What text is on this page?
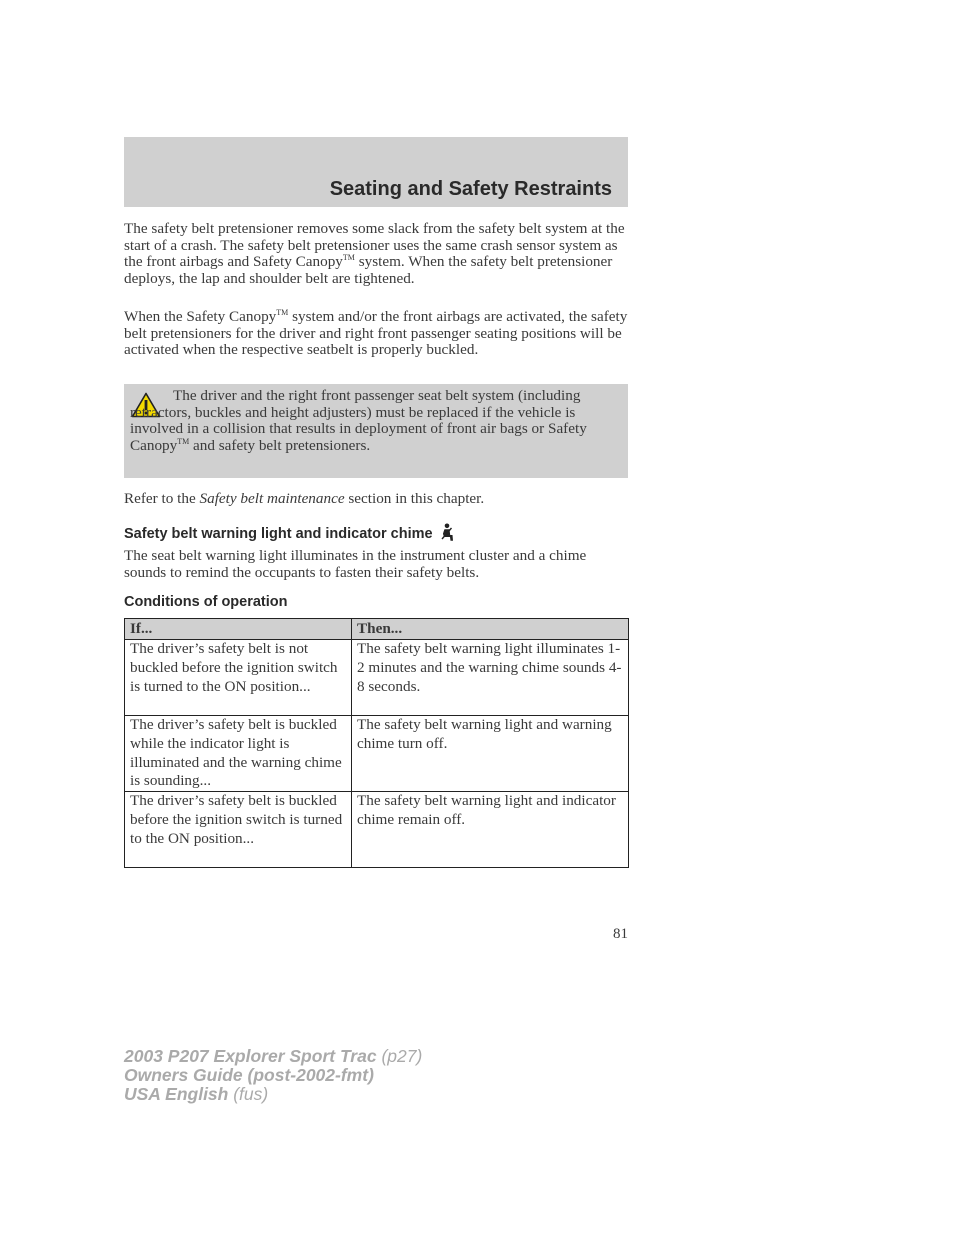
Seating and Safety Restraints

The safety belt pretensioner removes some slack from the safety belt system at the start of a crash. The safety belt pretensioner uses the same crash sensor system as the front airbags and Safety Canopy™ system. When the safety belt pretensioner deploys, the lap and shoulder belt are tightened.

When the Safety Canopy™ system and/or the front airbags are activated, the safety belt pretensioners for the driver and right front passenger seating positions will be activated when the respective seatbelt is properly buckled.

The driver and the right front passenger seat belt system (including retractors, buckles and height adjusters) must be replaced if the vehicle is involved in a collision that results in deployment of front air bags or Safety Canopy™ and safety belt pretensioners.

Refer to the Safety belt maintenance section in this chapter.

Safety belt warning light and indicator chime

The seat belt warning light illuminates in the instrument cluster and a chime sounds to remind the occupants to fasten their safety belts.

Conditions of operation
If...	Then...
The driver’s safety belt is not buckled before the ignition switch is turned to the ON position...	The safety belt warning light illuminates 1-2 minutes and the warning chime sounds 4-8 seconds.
The driver’s safety belt is buckled while the indicator light is illuminated and the warning chime is sounding...	The safety belt warning light and warning chime turn off.
The driver’s safety belt is buckled before the ignition switch is turned to the ON position...	The safety belt warning light and indicator chime remain off.
81
2003 P207 Explorer Sport Trac (p27)
Owners Guide (post-2002-fmt)
USA English (fus)
